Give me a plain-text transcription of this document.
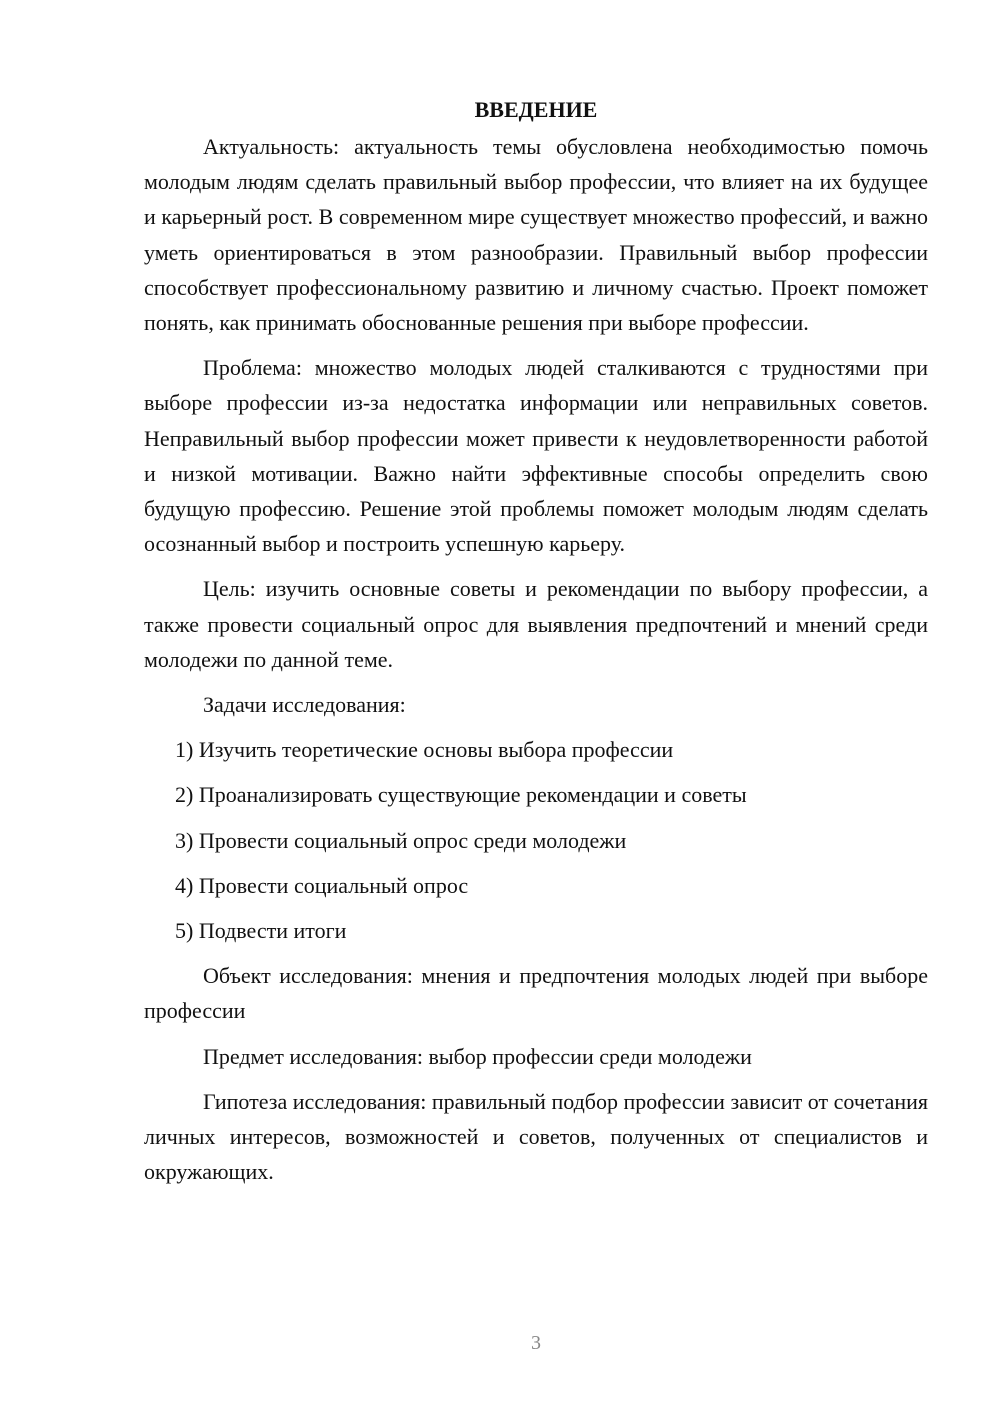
ВВЕДЕНИЕ

Актуальность: актуальность темы обусловлена необходимостью помочь молодым людям сделать правильный выбор профессии, что влияет на их будущее и карьерный рост. В современном мире существует множество профессий, и важно уметь ориентироваться в этом разнообразии. Правильный выбор профессии способствует профессиональному развитию и личному счастью. Проект поможет понять, как принимать обоснованные решения при выборе профессии.

Проблема: множество молодых людей сталкиваются с трудностями при выборе профессии из-за недостатка информации или неправильных советов. Неправильный выбор профессии может привести к неудовлетворенности работой и низкой мотивации. Важно найти эффективные способы определить свою будущую профессию. Решение этой проблемы поможет молодым людям сделать осознанный выбор и построить успешную карьеру.

Цель: изучить основные советы и рекомендации по выбору профессии, а также провести социальный опрос для выявления предпочтений и мнений среди молодежи по данной теме.

Задачи исследования:

1) Изучить теоретические основы выбора профессии

2) Проанализировать существующие рекомендации и советы

3) Провести социальный опрос среди молодежи

4) Провести социальный опрос

5) Подвести итоги

Объект исследования: мнения и предпочтения молодых людей при выборе профессии

Предмет исследования: выбор профессии среди молодежи

Гипотеза исследования: правильный подбор профессии зависит от сочетания личных интересов, возможностей и советов, полученных от специалистов и окружающих.

3
